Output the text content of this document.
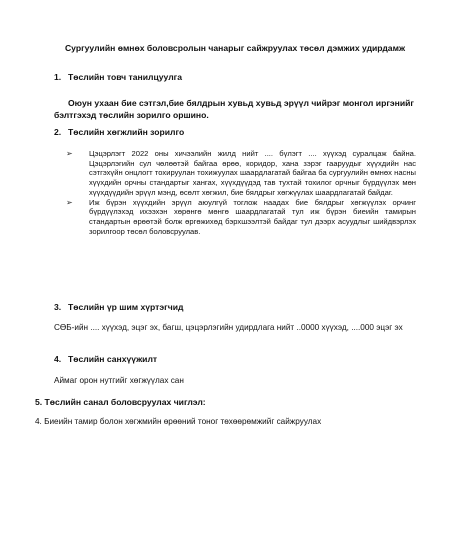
Сургуулийн өмнөх боловсролын чанарыг сайжруулах төсөл дэмжих удирдамж
1. Төслийн товч танилцуулга
Оюун ухаан бие сэтгэл,бие бялдрын хувьд хувьд эрүүл чийрэг монгол иргэнийг бэлтгэхэд төслийн зорилго оршино.
2. Төслийн хөгжлийн зорилго
➢ Цэцэрлэгт 2022 оны хичээлийн жилд нийт .... бүлэгт .... хүүхэд суралцаж байна. Цэцэрлэгийн сул чөлөөтэй байгаа өрөө, коридор, хана зэрэг гааруудыг хүүхдийн нас сэтгэхүйн онцлогт тохируулан тохижуулах шаардлагатай байгаа ба сургуулийн өмнөх насны хүүхдийн орчны стандартыг хангах, хүүхдүүдэд тав тухтай тохилог орчныг бүрдүүлэх мөн хүүхдүүдийн эрүүл мэнд, өсөлт хөгжил, бие бялдрыг хөгжүүлах шаардлагатай байдаг.
➢ Иж бүрэн хүүхдийн эрүүл аюулгүй тоглож наадах бие бялдрыг хөгжүүлэх орчинг бүрдүүлэхэд ихээхэн хөрөнгө мөнгө шаардлагатай тул иж бүрэн биеийн тамирын стандартын өрөөтэй болж өргөжихөд бэрхшээлтэй байдаг тул дээрх асуудлыг шийдвэрлэх зорилгоор төсөл боловсруулав.
3. Төслийн үр шим хүртэгчид
СӨБ-ийн .... хүүхэд, эцэг эх, багш, цэцэрлэгийн удирдлага нийт ..0000 хүүхэд, ....000 эцэг эх
4. Төслийн санхүүжилт
Аймаг орон нутгийг хөгжүүлах сан
5. Төслийн санал боловсруулах чиглэл:
4. Биеийн тамир болон хөгжмийн өрөөний тоног төхөөрөмжийг сайжруулах
